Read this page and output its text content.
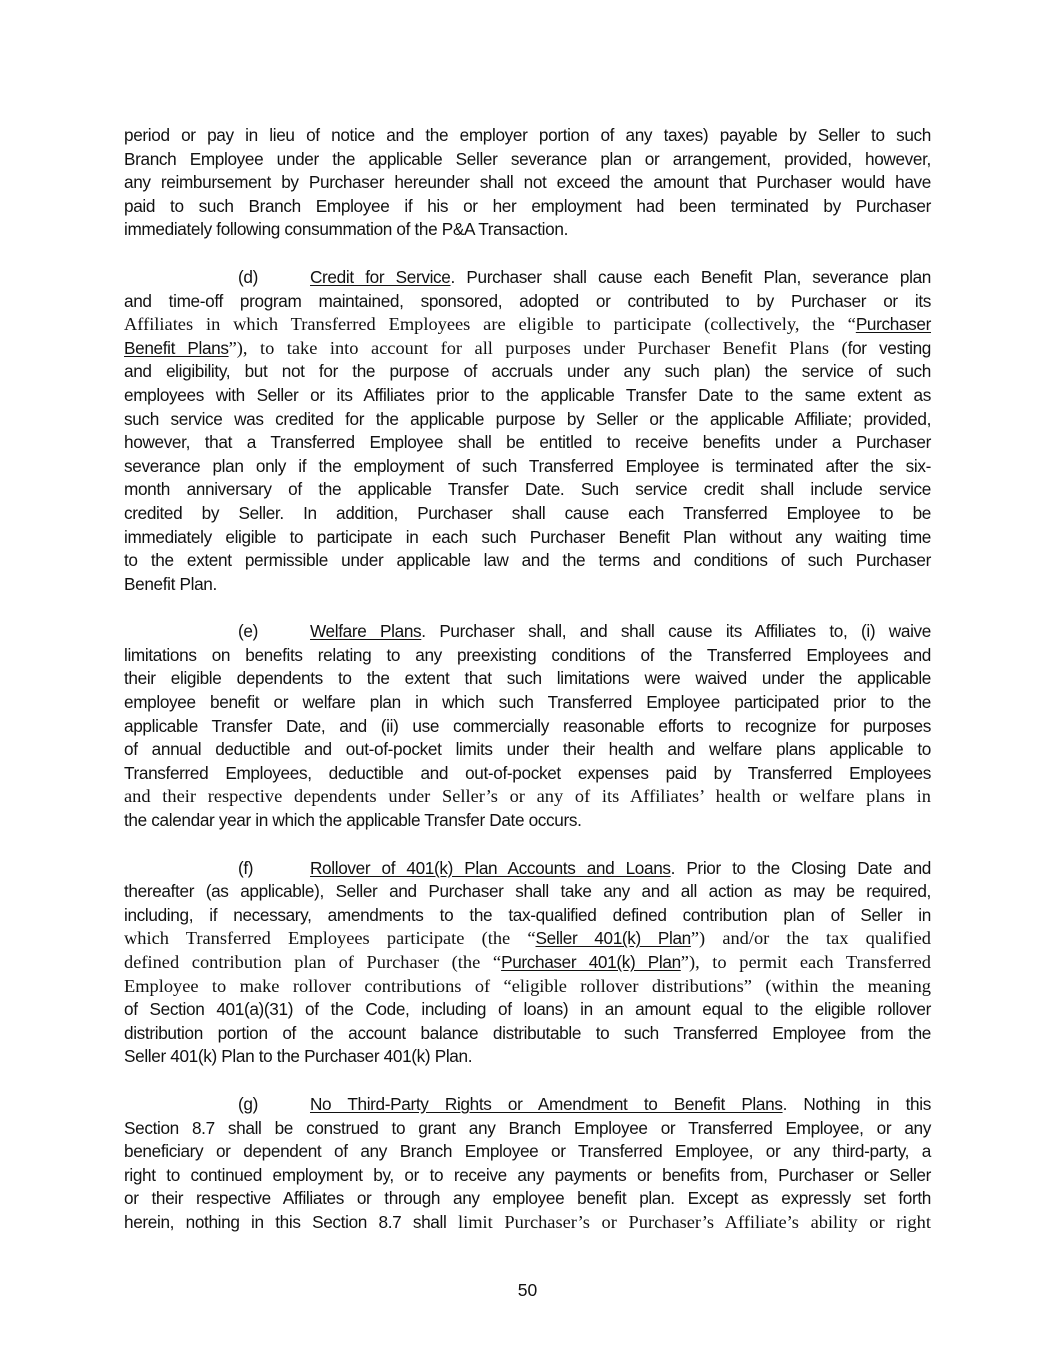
period or pay in lieu of notice and the employer portion of any taxes) payable by Seller to such
Branch Employee under the applicable Seller severance plan or arrangement, provided, however,
any reimbursement by Purchaser hereunder shall not exceed the amount that Purchaser would have
paid to such Branch Employee if his or her employment had been terminated by Purchaser
immediately following consummation of the P&A Transaction.
(d)	Credit for Service. Purchaser shall cause each Benefit Plan, severance plan
and time-off program maintained, sponsored, adopted or contributed to by Purchaser or its
Affiliates in which Transferred Employees are eligible to participate (collectively, the “Purchaser
Benefit Plans”), to take into account for all purposes under Purchaser Benefit Plans (for vesting
and eligibility, but not for the purpose of accruals under any such plan) the service of such
employees with Seller or its Affiliates prior to the applicable Transfer Date to the same extent as
such service was credited for the applicable purpose by Seller or the applicable Affiliate; provided,
however, that a Transferred Employee shall be entitled to receive benefits under a Purchaser
severance plan only if the employment of such Transferred Employee is terminated after the six-
month anniversary of the applicable Transfer Date. Such service credit shall include service
credited by Seller. In addition, Purchaser shall cause each Transferred Employee to be
immediately eligible to participate in each such Purchaser Benefit Plan without any waiting time
to the extent permissible under applicable law and the terms and conditions of such Purchaser
Benefit Plan.
(e)	Welfare Plans. Purchaser shall, and shall cause its Affiliates to, (i) waive
limitations on benefits relating to any preexisting conditions of the Transferred Employees and
their eligible dependents to the extent that such limitations were waived under the applicable
employee benefit or welfare plan in which such Transferred Employee participated prior to the
applicable Transfer Date, and (ii) use commercially reasonable efforts to recognize for purposes
of annual deductible and out-of-pocket limits under their health and welfare plans applicable to
Transferred Employees, deductible and out-of-pocket expenses paid by Transferred Employees
and their respective dependents under Seller’s or any of its Affiliates’ health or welfare plans in
the calendar year in which the applicable Transfer Date occurs.
(f)	Rollover of 401(k) Plan Accounts and Loans. Prior to the Closing Date and
thereafter (as applicable), Seller and Purchaser shall take any and all action as may be required,
including, if necessary, amendments to the tax-qualified defined contribution plan of Seller in
which Transferred Employees participate (the “Seller 401(k) Plan”) and/or the tax qualified
defined contribution plan of Purchaser (the “Purchaser 401(k) Plan”), to permit each Transferred
Employee to make rollover contributions of “eligible rollover distributions” (within the meaning
of Section 401(a)(31) of the Code, including of loans) in an amount equal to the eligible rollover
distribution portion of the account balance distributable to such Transferred Employee from the
Seller 401(k) Plan to the Purchaser 401(k) Plan.
(g)	No Third-Party Rights or Amendment to Benefit Plans. Nothing in this
Section 8.7 shall be construed to grant any Branch Employee or Transferred Employee, or any
beneficiary or dependent of any Branch Employee or Transferred Employee, or any third-party, a
right to continued employment by, or to receive any payments or benefits from, Purchaser or Seller
or their respective Affiliates or through any employee benefit plan. Except as expressly set forth
herein, nothing in this Section 8.7 shall limit Purchaser’s or Purchaser’s Affiliate’s ability or right
50
